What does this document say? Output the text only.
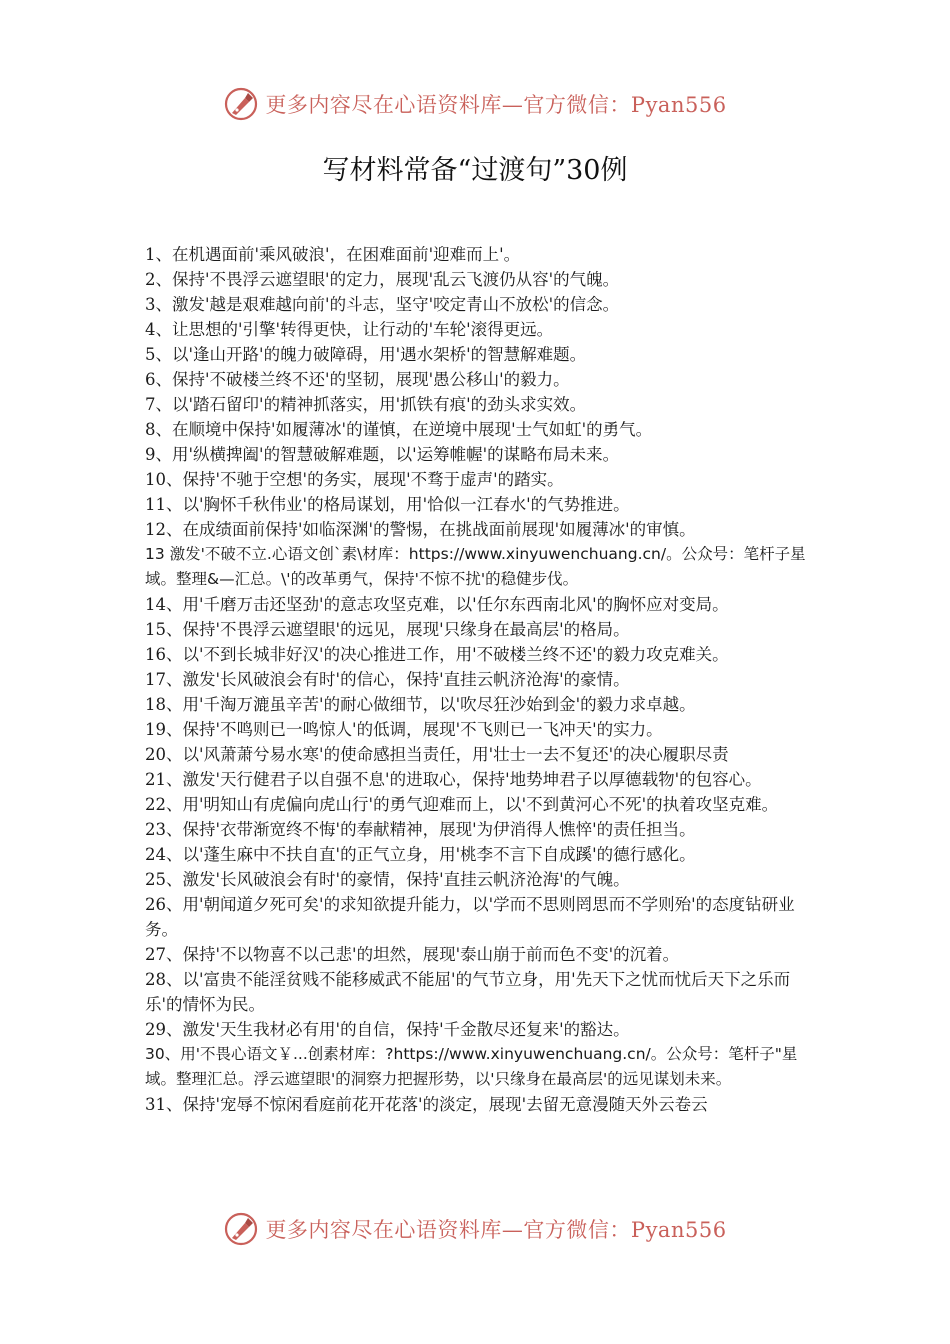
更多内容尽在心语资料库—官方微信：Pyan556
写材料常备“过渡句”30例

1、在机遇面前'乘风破浪'，在困难面前'迎难而上'。

2、保持'不畏浮云遮望眼'的定力，展现'乱云飞渡仍从容'的气魄。

3、激发'越是艰难越向前'的斗志，坚守'咬定青山不放松'的信念。

4、让思想的'引擎'转得更快，让行动的'车轮'滚得更远。

5、以'逢山开路'的魄力破障碍，用'遇水架桥'的智慧解难题。

6、保持'不破楼兰终不还'的坚韧，展现'愚公移山'的毅力。

7、以'踏石留印'的精神抓落实，用'抓铁有痕'的劲头求实效。

8、在顺境中保持'如履薄冰'的谨慎，在逆境中展现'士气如虹'的勇气。

9、用'纵横捭阖'的智慧破解难题，以'运筹帷幄'的谋略布局未来。

10、保持'不驰于空想'的务实，展现'不骛于虚声'的踏实。

11、以'胸怀千秋伟业'的格局谋划，用'恰似一江春水'的气势推进。

12、在成绩面前保持'如临深渊'的警惕，在挑战面前展现'如履薄冰'的审慎。

13 激发'不破不立.心语文创`素\材库：https://www.xinyuwenchuang.cn/。公众号：笔杆子星域。整理&—汇总。\'的改革勇气，保持'不惊不扰'的稳健步伐。

14、用'千磨万击还坚劲'的意志攻坚克难，以'任尔东西南北风'的胸怀应对变局。

15、保持'不畏浮云遮望眼'的远见，展现'只缘身在最高层'的格局。

16、以'不到长城非好汉'的决心推进工作，用'不破楼兰终不还'的毅力攻克难关。

17、激发'长风破浪会有时'的信心，保持'直挂云帆济沧海'的豪情。

18、用'千淘万漉虽辛苦'的耐心做细节，以'吹尽狂沙始到金'的毅力求卓越。

19、保持'不鸣则已一鸣惊人'的低调，展现'不飞则已一飞冲天'的实力。

20、以'风萧萧兮易水寒'的使命感担当责任，用'壮士一去不复还'的决心履职尽责

21、激发'天行健君子以自强不息'的进取心，保持'地势坤君子以厚德载物'的包容心。

22、用'明知山有虎偏向虎山行'的勇气迎难而上，以'不到黄河心不死'的执着攻坚克难。

23、保持'衣带渐宽终不悔'的奉献精神，展现'为伊消得人憔悴'的责任担当。

24、以'蓬生麻中不扶自直'的正气立身，用'桃李不言下自成蹊'的德行感化。

25、激发'长风破浪会有时'的豪情，保持'直挂云帆济沧海'的气魄。

26、用'朝闻道夕死可矣'的求知欲提升能力，以'学而不思则罔思而不学则殆'的态度钻研业务。

27、保持'不以物喜不以己悲'的坦然，展现'泰山崩于前而色不变'的沉着。

28、以'富贵不能淫贫贱不能移威武不能屈'的气节立身，用'先天下之忧而忧后天下之乐而乐'的情怀为民。

29、激发'天生我材必有用'的自信，保持'千金散尽还复来'的豁达。

30、用'不畏心语文￥...创素材库：?https://www.xinyuwenchuang.cn/。公众号：笔杆子"星域。整理汇总。浮云遮望眼'的洞察力把握形势，以'只缘身在最高层'的远见谋划未来。

31、保持'宠辱不惊闲看庭前花开花落'的淡定，展现'去留无意漫随天外云卷云

更多内容尽在心语资料库—官方微信：Pyan556
